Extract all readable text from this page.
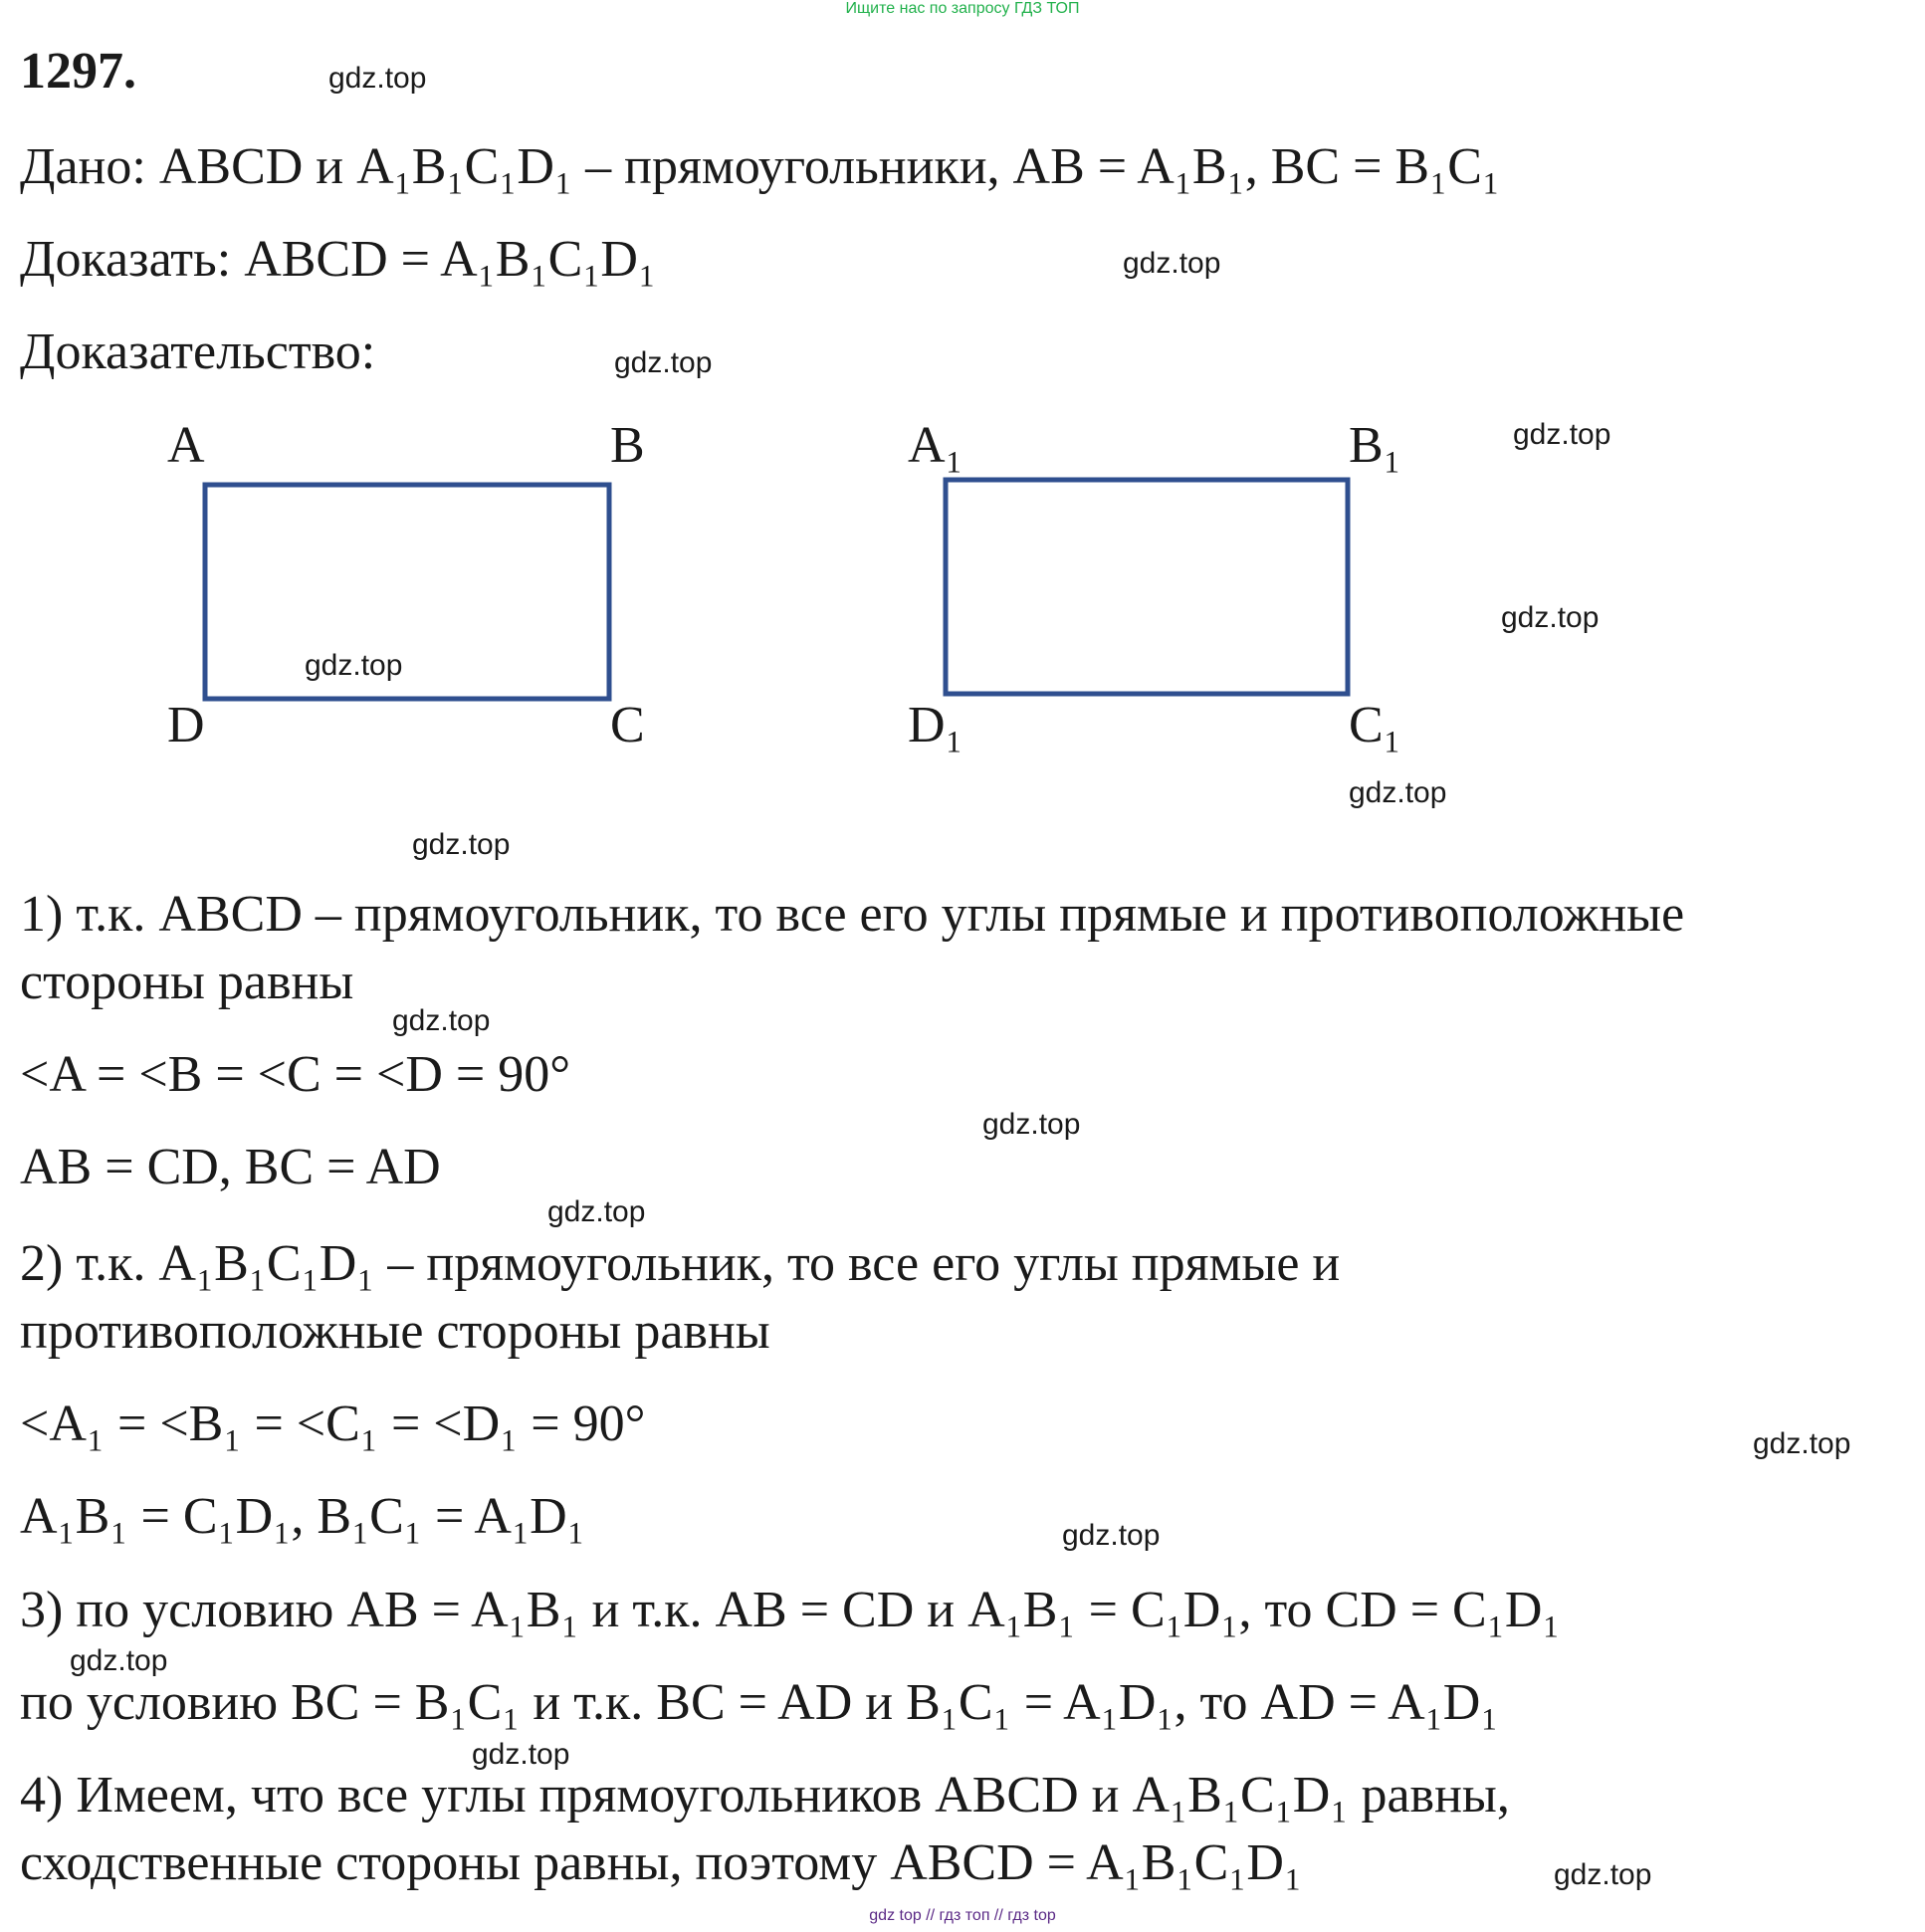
Ищите нас по запросу ГДЗ ТОП
1297.
Дано: ABCD и A₁B₁C₁D₁ – прямоугольники, AB = A₁B₁, BC = B₁C₁
Доказать: ABCD = A₁B₁C₁D₁
Доказательство:
A	B
C
D
A₁	B₁
C₁
D₁
1) т.к. ABCD – прямоугольник, то все его углы прямые и противоположные
стороны равны
<A = <B = <C = <D = 90°
AB = CD, BC = AD
2) т.к. A₁B₁C₁D₁ – прямоугольник, то все его углы прямые и
противоположные стороны равны
<A₁ = <B₁ = <C₁ = <D₁ = 90°
A₁B₁ = C₁D₁, B₁C₁ = A₁D₁
3) по условию AB = A₁B₁ и т.к. AB = CD и A₁B₁ = C₁D₁, то CD = C₁D₁
по условию BC = B₁C₁ и т.к. BC = AD и B₁C₁ = A₁D₁, то AD = A₁D₁
4) Имеем, что все углы прямоугольников ABCD и A₁B₁C₁D₁ равны,
сходственные стороны равны, поэтому ABCD = A₁B₁C₁D₁
gdz.top
gdz.top
gdz.top
gdz.top
gdz.top
gdz.top
gdz.top
gdz.top
gdz.top
gdz.top
gdz.top
gdz.top
gdz.top
gdz.top
gdz.top
gdz.top
gdz top // гдз топ // гдз top
